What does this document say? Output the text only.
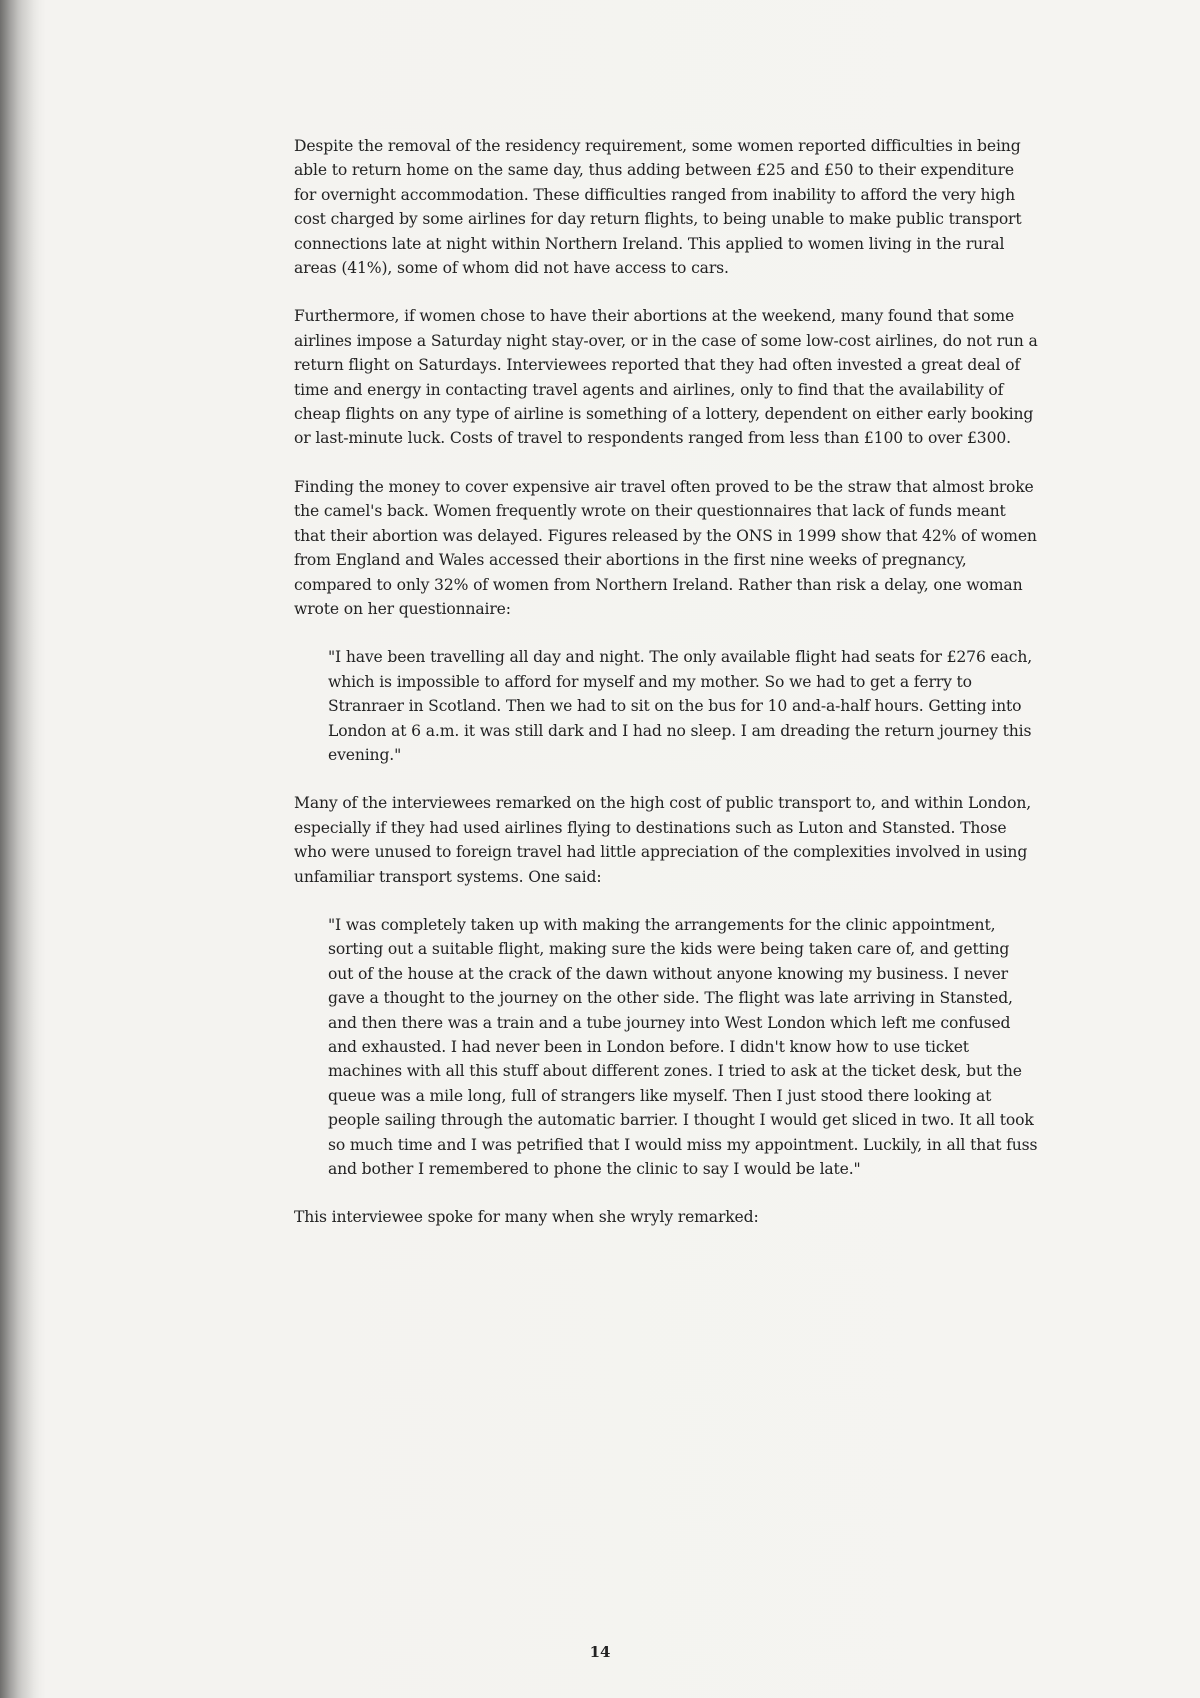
Despite the removal of the residency requirement, some women reported difficulties in being able to return home on the same day, thus adding between £25 and £50 to their expenditure for overnight accommodation. These difficulties ranged from inability to afford the very high cost charged by some airlines for day return flights, to being unable to make public transport connections late at night within Northern Ireland. This applied to women living in the rural areas (41%), some of whom did not have access to cars.

Furthermore, if women chose to have their abortions at the weekend, many found that some airlines impose a Saturday night stay-over, or in the case of some low-cost airlines, do not run a return flight on Saturdays. Interviewees reported that they had often invested a great deal of time and energy in contacting travel agents and airlines, only to find that the availability of cheap flights on any type of airline is something of a lottery, dependent on either early booking or last-minute luck. Costs of travel to respondents ranged from less than £100 to over £300.

Finding the money to cover expensive air travel often proved to be the straw that almost broke the camel's back. Women frequently wrote on their questionnaires that lack of funds meant that their abortion was delayed. Figures released by the ONS in 1999 show that 42% of women from England and Wales accessed their abortions in the first nine weeks of pregnancy, compared to only 32% of women from Northern Ireland. Rather than risk a delay, one woman wrote on her questionnaire:

"I have been travelling all day and night. The only available flight had seats for £276 each, which is impossible to afford for myself and my mother. So we had to get a ferry to Stranraer in Scotland. Then we had to sit on the bus for 10 and-a-half hours. Getting into London at 6 a.m. it was still dark and I had no sleep. I am dreading the return journey this evening."

Many of the interviewees remarked on the high cost of public transport to, and within London, especially if they had used airlines flying to destinations such as Luton and Stansted. Those who were unused to foreign travel had little appreciation of the complexities involved in using unfamiliar transport systems. One said:

"I was completely taken up with making the arrangements for the clinic appointment, sorting out a suitable flight, making sure the kids were being taken care of, and getting out of the house at the crack of the dawn without anyone knowing my business. I never gave a thought to the journey on the other side. The flight was late arriving in Stansted, and then there was a train and a tube journey into West London which left me confused and exhausted. I had never been in London before. I didn't know how to use ticket machines with all this stuff about different zones. I tried to ask at the ticket desk, but the queue was a mile long, full of strangers like myself. Then I just stood there looking at people sailing through the automatic barrier. I thought I would get sliced in two. It all took so much time and I was petrified that I would miss my appointment. Luckily, in all that fuss and bother I remembered to phone the clinic to say I would be late."

This interviewee spoke for many when she wryly remarked:

14
